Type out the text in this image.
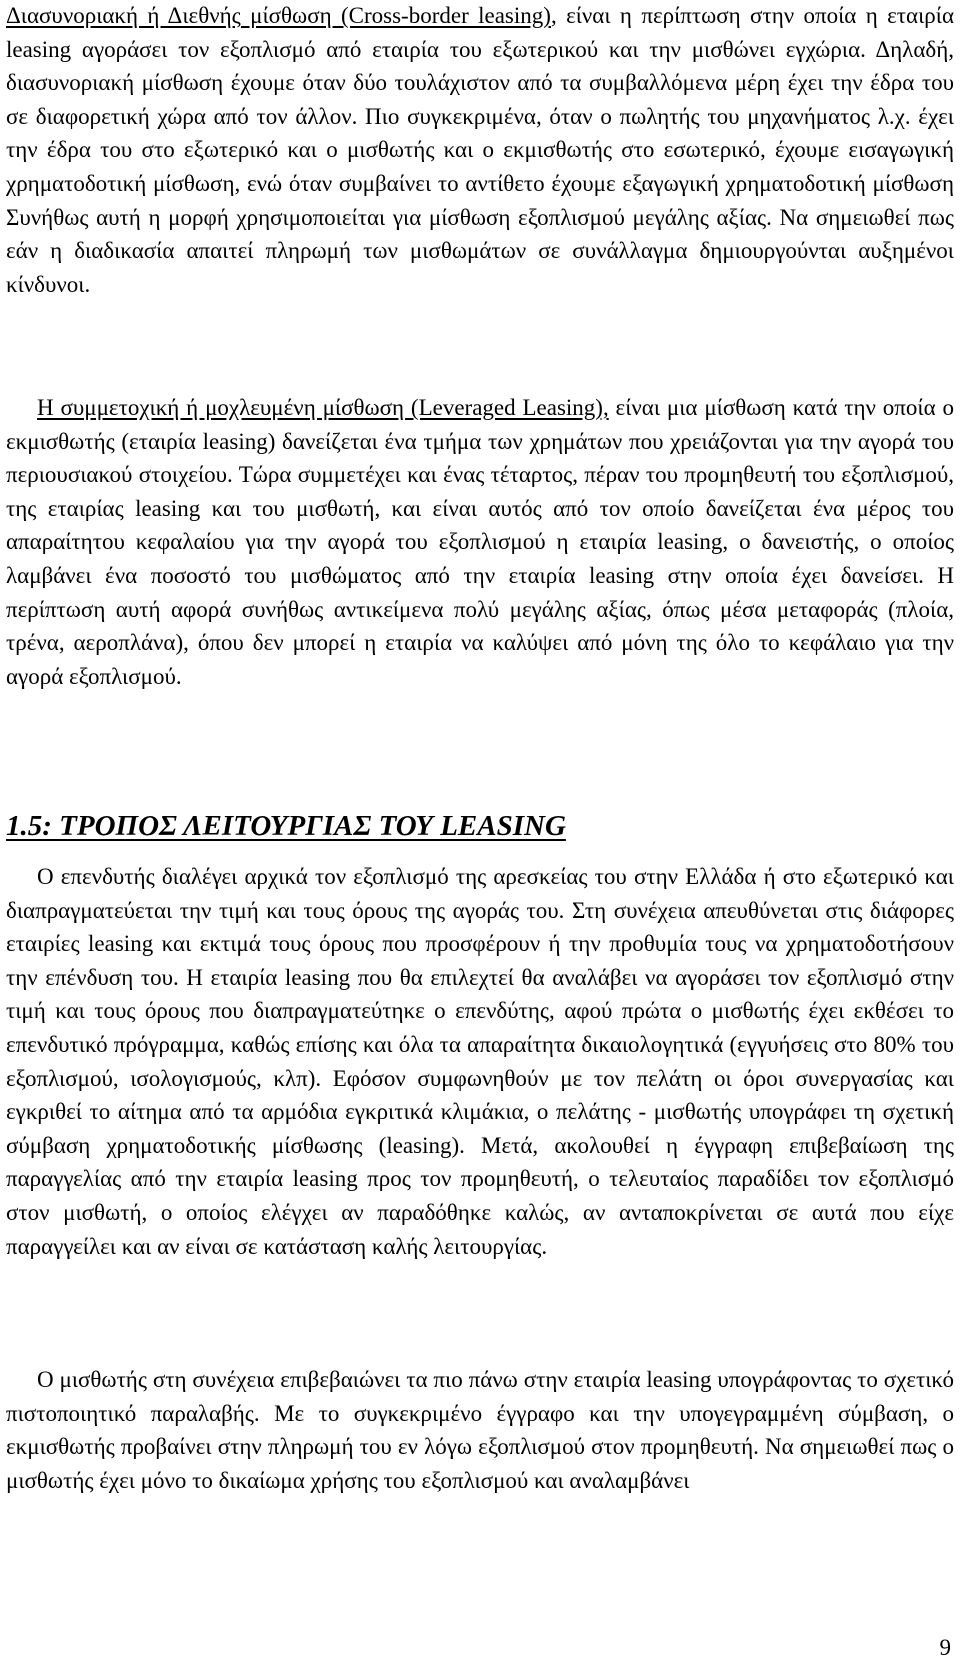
Διασυνοριακή ή Διεθνής μίσθωση (Cross-border leasing), είναι η περίπτωση στην οποία η εταιρία leasing αγοράσει τον εξοπλισμό από εταιρία του εξωτερικού και την μισθώνει εγχώρια. Δηλαδή, διασυνοριακή μίσθωση έχουμε όταν δύο τουλάχιστον από τα συμβαλλόμενα μέρη έχει την έδρα του σε διαφορετική χώρα από τον άλλον. Πιο συγκεκριμένα, όταν ο πωλητής του μηχανήματος λ.χ. έχει την έδρα του στο εξωτερικό και ο μισθωτής και ο εκμισθωτής στο εσωτερικό, έχουμε εισαγωγική χρηματοδοτική μίσθωση, ενώ όταν συμβαίνει το αντίθετο έχουμε εξαγωγική χρηματοδοτική μίσθωση Συνήθως αυτή η μορφή χρησιμοποιείται για μίσθωση εξοπλισμού μεγάλης αξίας. Να σημειωθεί πως εάν η διαδικασία απαιτεί πληρωμή των μισθωμάτων σε συνάλλαγμα δημιουργούνται αυξημένοι κίνδυνοι.
Η συμμετοχική ή μοχλευμένη μίσθωση (Leveraged Leasing), είναι μια μίσθωση κατά την οποία ο εκμισθωτής (εταιρία leasing) δανείζεται ένα τμήμα των χρημάτων που χρειάζονται για την αγορά του περιουσιακού στοιχείου. Τώρα συμμετέχει και ένας τέταρτος, πέραν του προμηθευτή του εξοπλισμού, της εταιρίας leasing και του μισθωτή, και είναι αυτός από τον οποίο δανείζεται ένα μέρος του απαραίτητου κεφαλαίου για την αγορά του εξοπλισμού η εταιρία leasing, ο δανειστής, ο οποίος λαμβάνει ένα ποσοστό του μισθώματος από την εταιρία leasing στην οποία έχει δανείσει. Η περίπτωση αυτή αφορά συνήθως αντικείμενα πολύ μεγάλης αξίας, όπως μέσα μεταφοράς (πλοία, τρένα, αεροπλάνα), όπου δεν μπορεί η εταιρία να καλύψει από μόνη της όλο το κεφάλαιο για την αγορά εξοπλισμού.
1.5: ΤΡΟΠΟΣ ΛΕΙΤΟΥΡΓΙΑΣ ΤΟΥ LEASING
Ο επενδυτής διαλέγει αρχικά τον εξοπλισμό της αρεσκείας του στην Ελλάδα ή στο εξωτερικό και διαπραγματεύεται την τιμή και τους όρους της αγοράς του. Στη συνέχεια απευθύνεται στις διάφορες εταιρίες leasing και εκτιμά τους όρους που προσφέρουν ή την προθυμία τους να χρηματοδοτήσουν την επένδυση του. Η εταιρία leasing που θα επιλεχτεί θα αναλάβει να αγοράσει τον εξοπλισμό στην τιμή και τους όρους που διαπραγματεύτηκε ο επενδύτης, αφού πρώτα ο μισθωτής έχει εκθέσει το επενδυτικό πρόγραμμα, καθώς επίσης και όλα τα απαραίτητα δικαιολογητικά (εγγυήσεις στο 80% του εξοπλισμού, ισολογισμούς, κλπ). Εφόσον συμφωνηθούν με τον πελάτη οι όροι συνεργασίας και εγκριθεί το αίτημα από τα αρμόδια εγκριτικά κλιμάκια, ο πελάτης - μισθωτής υπογράφει τη σχετική σύμβαση χρηματοδοτικής μίσθωσης (leasing). Μετά, ακολουθεί η έγγραφη επιβεβαίωση της παραγγελίας από την εταιρία leasing προς τον προμηθευτή, ο τελευταίος παραδίδει τον εξοπλισμό στον μισθωτή, ο οποίος ελέγχει αν παραδόθηκε καλώς, αν ανταποκρίνεται σε αυτά που είχε παραγγείλει και αν είναι σε κατάσταση καλής λειτουργίας.
Ο μισθωτής στη συνέχεια επιβεβαιώνει τα πιο πάνω στην εταιρία leasing υπογράφοντας το σχετικό πιστοποιητικό παραλαβής. Με το συγκεκριμένο έγγραφο και την υπογεγραμμένη σύμβαση, ο εκμισθωτής προβαίνει στην πληρωμή του εν λόγω εξοπλισμού στον προμηθευτή. Να σημειωθεί πως ο μισθωτής έχει μόνο το δικαίωμα χρήσης του εξοπλισμού και αναλαμβάνει
9
